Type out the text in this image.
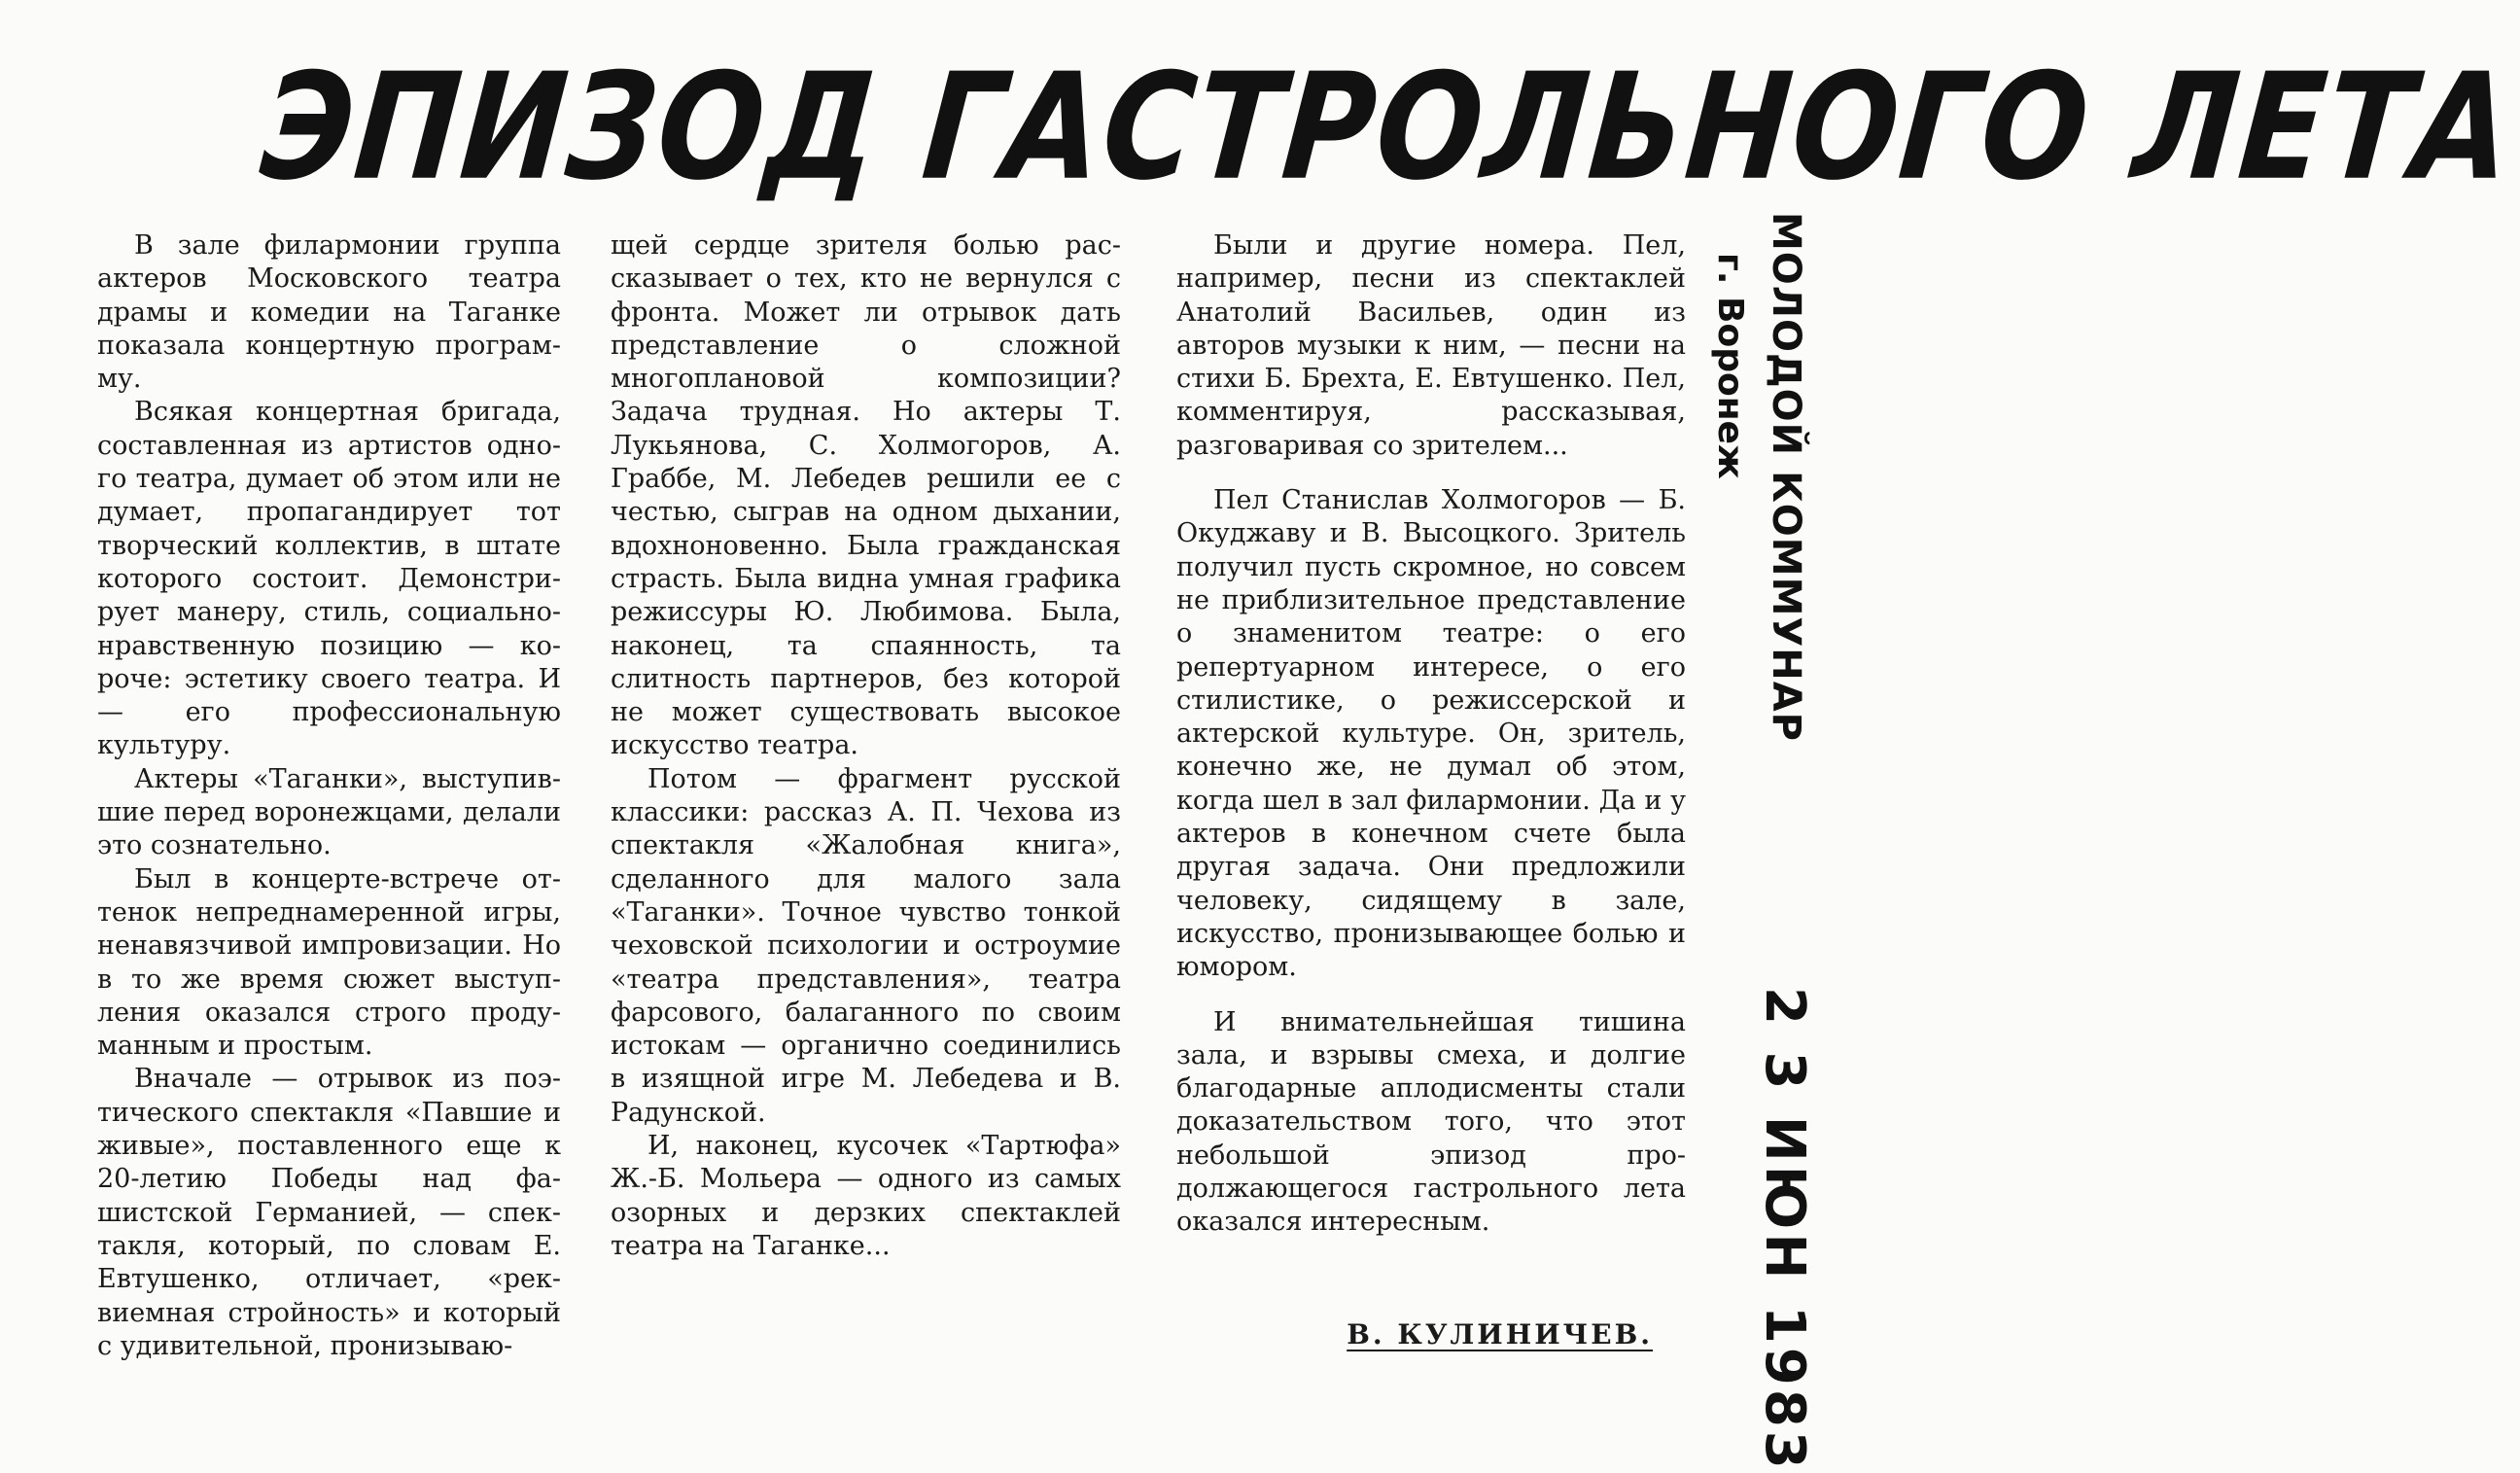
ЭПИЗОД ГАСТРОЛЬНОГО ЛЕТА

В зале филармонии группа актеров Московского театра драмы и комедии на Таганке показала концертную программу.

Всякая концертная бригада, составленная из артистов одного театра, думает об этом или не думает, пропагандирует тот творческий коллектив, в штате которого состоит. Демонстрирует манеру, стиль, социально-нравственную позицию — короче: эстетику своего театра. И — его профессиональную культуру.

Актеры «Таганки», выступившие перед воронежцами, делали это сознательно.

Был в концерте-встрече оттенок непреднамеренной игры, ненавязчивой импровизации. Но в то же время сюжет выступления оказался строго продуманным и простым.

Вначале — отрывок из поэтического спектакля «Павшие и живые», поставленного еще к 20-летию Победы над фашистской Германией, — спектакля, который, по словам Е. Евтушенко, отличает, «реквиемная стройность» и который с удивительной, пронизываю-

щей сердце зрителя болью рассказывает о тех, кто не вернулся с фронта. Может ли отрывок дать представление о сложной многоплановой композиции? Задача трудная. Но актеры Т. Лукьянова, С. Холмогоров, А. Граббе, М. Лебедев решили ее с честью, сыграв на одном дыхании, вдохноновенно. Была гражданская страсть. Была видна умная графика режиссуры Ю. Любимова. Была, наконец, та спаянность, та слитность партнеров, без которой не может существовать высокое искусство театра.

Потом — фрагмент русской классики: рассказ А. П. Чехова из спектакля «Жалобная книга», сделанного для малого зала «Таганки». Точное чувство тонкой чеховской психологии и остроумие «театра представления», театра фарсового, балаганного по своим истокам — органично соединились в изящной игре М. Лебедева и В. Радунской.

И, наконец, кусочек «Тартюфа» Ж.-Б. Мольера — одного из самых озорных и дерзких спектаклей театра на Таганке...

Были и другие номера. Пел, например, песни из спектаклей Анатолий Васильев, один из авторов музыки к ним, — песни на стихи Б. Брехта, Е. Евтушенко. Пел, комментируя, рассказывая, разговаривая со зрителем...

Пел Станислав Холмогоров — Б. Окуджаву и В. Высоцкого. Зритель получил пусть скромное, но совсем не приблизительное представление о знаменитом театре: о его репертуарном интересе, о его стилистике, о режиссерской и актерской культуре. Он, зритель, конечно же, не думал об этом, когда шел в зал филармонии. Да и у актеров в конечном счете была другая задача. Они предложили человеку, сидящему в зале, искусство, пронизывающее болью и юмором.

И внимательнейшая тишина зала, и взрывы смеха, и долгие благодарные аплодисменты стали доказательством того, что этот небольшой эпизод продолжающегося гастрольного лета оказался интересным.

В. КУЛИНИЧЕВ.

МОЛОДОЙ КОММУНАР
г. Воронеж
2 3 ИЮН 1983
